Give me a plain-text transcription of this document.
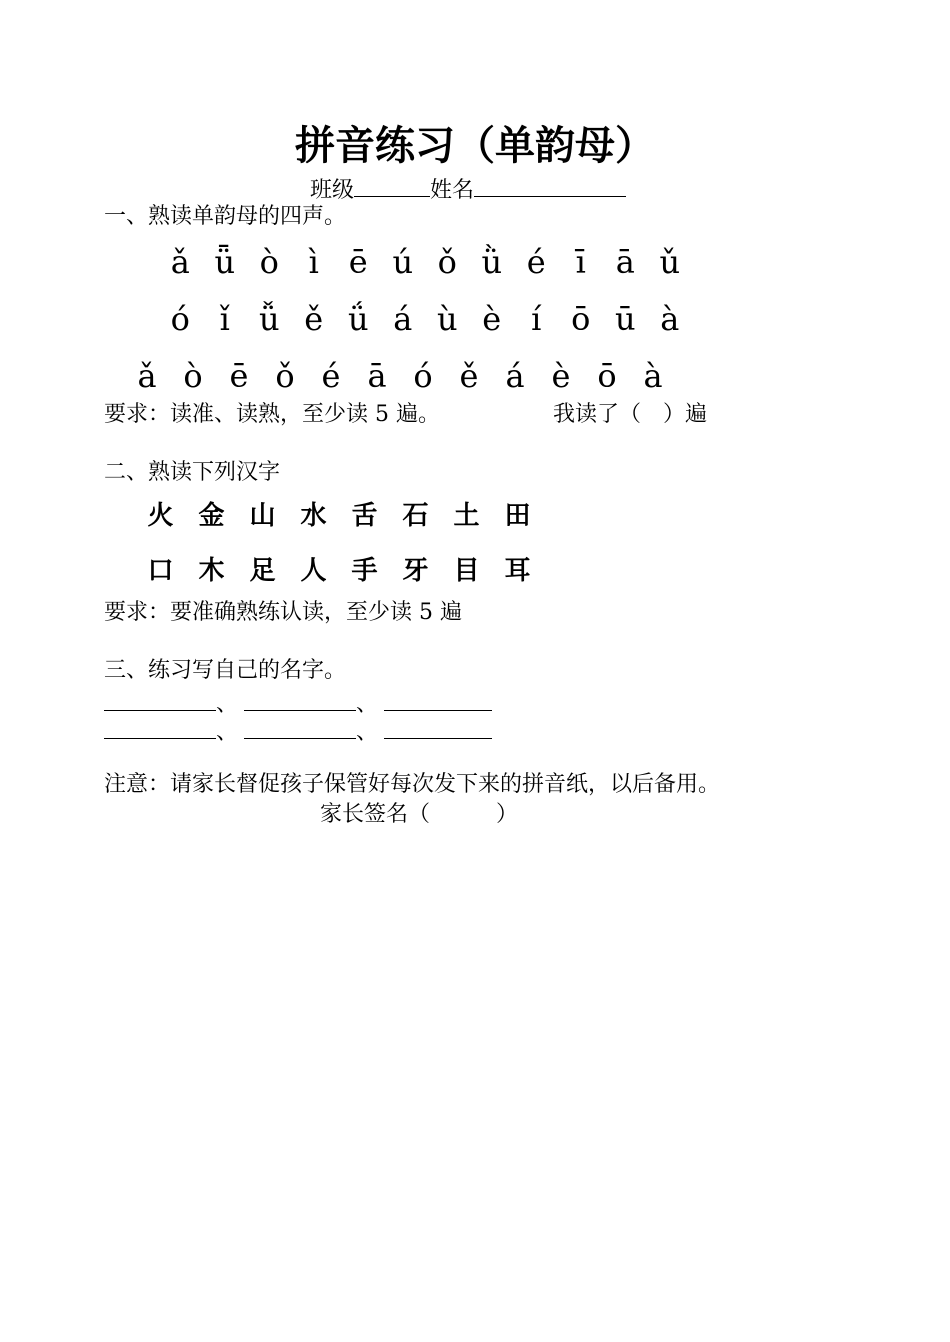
拼音练习（单韵母）
班级	姓名
一、熟读单韵母的四声。
ǎ ǖ ò ì ē ú ǒ ǜ é ī ā ǔ
ó ǐ ǚ ě ǘ á ù è í ō ū à
ǎ ò ē ǒ é ā ó ě á è ō à
要求：读准、读熟，至少读 5 遍。	我读了（　）遍
二、熟读下列汉字
火 金 山 水 舌 石 土 田
口 木 足 人 手 牙 目 耳
要求：要准确熟练认读，至少读 5 遍
三、练习写自己的名字。
、	、
、	、
注意：请家长督促孩子保管好每次发下来的拼音纸，以后备用。
家长签名（　　　）
